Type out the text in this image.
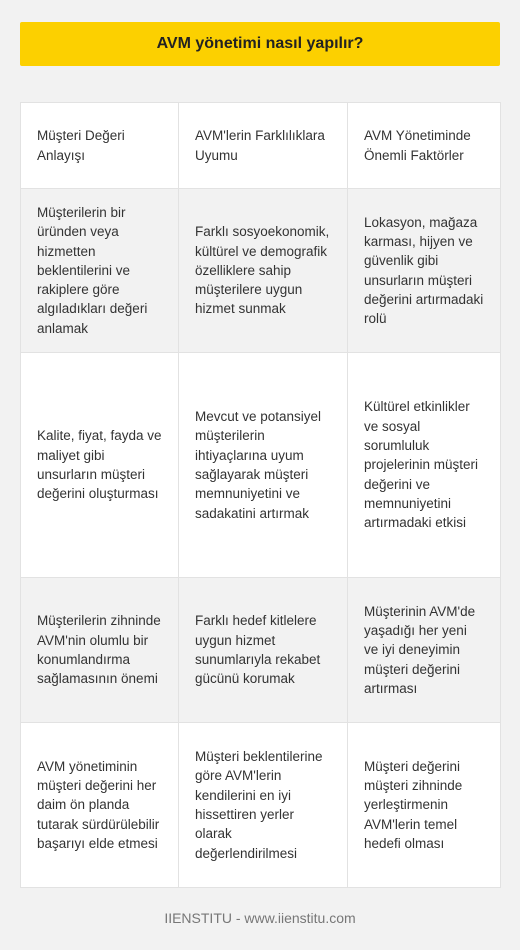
AVM yönetimi nasıl yapılır?
Müşteri Değeri Anlayışı	AVM'lerin Farklılıklara Uyumu	AVM Yönetiminde Önemli Faktörler
Müşterilerin bir üründen veya hizmetten beklentilerini ve rakiplere göre algıladıkları değeri anlamak	Farklı sosyoekonomik, kültürel ve demografik özelliklere sahip müşterilere uygun hizmet sunmak	Lokasyon, mağaza karması, hijyen ve güvenlik gibi unsurların müşteri değerini artırmadaki rolü
Kalite, fiyat, fayda ve maliyet gibi unsurların müşteri değerini oluşturması	Mevcut ve potansiyel müşterilerin ihtiyaçlarına uyum sağlayarak müşteri memnuniyetini ve sadakatini artırmak	Kültürel etkinlikler ve sosyal sorumluluk projelerinin müşteri değerini ve memnuniyetini artırmadaki etkisi
Müşterilerin zihninde AVM'nin olumlu bir konumlandırma sağlamasının önemi	Farklı hedef kitlelere uygun hizmet sunumlarıyla rekabet gücünü korumak	Müşterinin AVM'de yaşadığı her yeni ve iyi deneyimin müşteri değerini artırması
AVM yönetiminin müşteri değerini her daim ön planda tutarak sürdürülebilir başarıyı elde etmesi	Müşteri beklentilerine göre AVM'lerin kendilerini en iyi hissettiren yerler olarak değerlendirilmesi	Müşteri değerini müşteri zihninde yerleştirmenin AVM'lerin temel hedefi olması
IIENSTITU - www.iienstitu.com
